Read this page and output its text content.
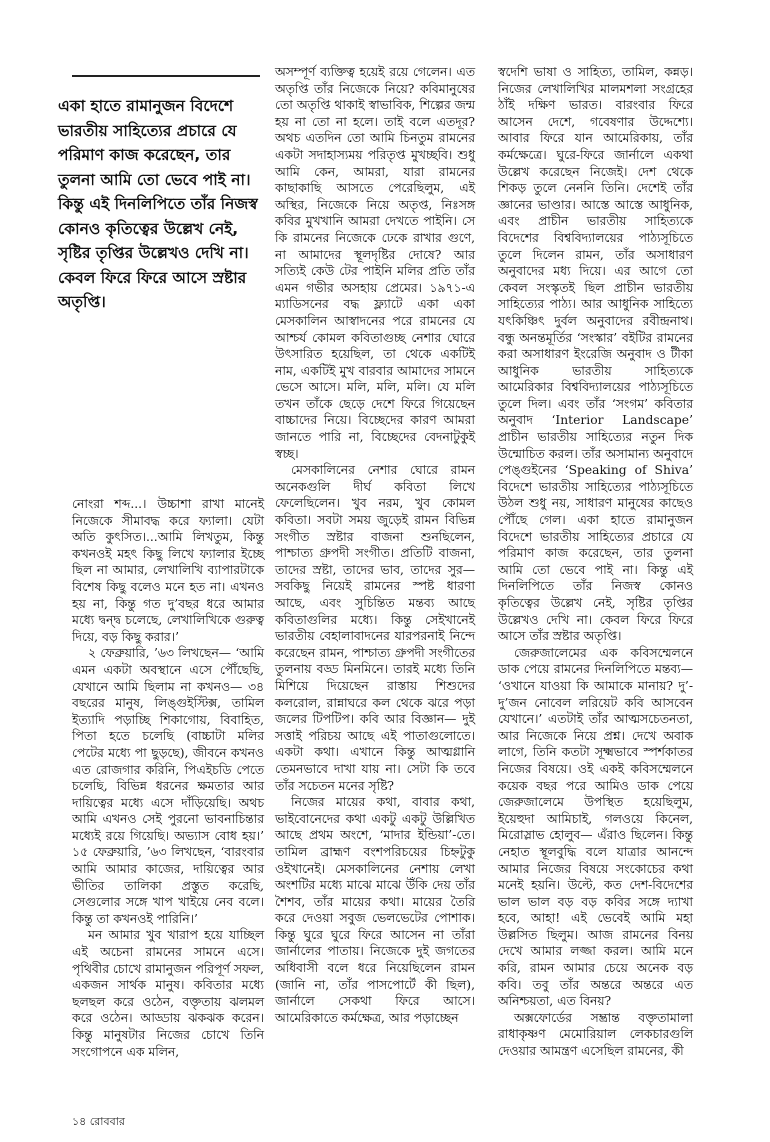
একা হাতে রামানুজন বিদেশে ভারতীয় সাহিত্যের প্রচারে যে পরিমাণ কাজ করেছেন, তার তুলনা আমি তো ভেবে পাই না। কিন্তু এই দিনলিপিতে তাঁর নিজস্ব কোনও কৃতিত্বের উল্লেখ নেই, সৃষ্টির তৃপ্তির উল্লেখও দেখি না। কেবল ফিরে ফিরে আসে স্রষ্টার অতৃপ্তি।

নোংরা শব্দ...। উচ্চাশা রাখা মানেই নিজেকে সীমাবদ্ধ করে ফ্যালা। যেটা অতি কুৎসিত।...আমি লিখতুম, কিন্তু কখনওই মহৎ কিছু লিখে ফ্যালার ইচ্ছে ছিল না আমার, লেখালিখি ব্যাপারটাকে বিশেষ কিছু বলেও মনে হত না। এখনও হয় না, কিন্তু গত দু’বছর ধরে আমার মধ্যে দ্বন্দ্ব চলেছে, লেখালিখিকে গুরুত্ব দিয়ে, বড় কিছু করার।’

২ ফেব্রুয়ারি, ’৬৩ লিখছেন— ‘আমি এমন একটা অবস্থানে এসে পৌঁছেছি, যেখানে আমি ছিলাম না কখনও— ৩৪ বছরের মানুষ, লিঙ্গুইস্টিক্স, তামিল ইত্যাদি পড়াচ্ছি শিকাগোয়, বিবাহিত, পিতা হতে চলেছি (বাচ্চাটা মলির পেটের মধ্যে পা ছুড়ছে), জীবনে কখনও এত রোজগার করিনি, পিএইচডি পেতে চলেছি, বিভিন্ন ধরনের ক্ষমতার আর দায়িত্বের মধ্যে এসে দাঁড়িয়েছি। অথচ আমি এখনও সেই পুরনো ভাবনাচিন্তার মধ্যেই রয়ে গিয়েছি। অভ্যাস বোধ হয়।’ ১৫ ফেব্রুয়ারি, ’৬৩ লিখছেন, ‘বারংবার আমি আমার কাজের, দায়িত্বের আর ভীতির তালিকা প্রস্তুত করেছি, সেগুলোর সঙ্গে খাপ খাইয়ে নেব বলে। কিন্তু তা কখনওই পারিনি।’

মন আমার খুব খারাপ হয়ে যাচ্ছিল এই অচেনা রামনের সামনে এসে। পৃথিবীর চোখে রামানুজন পরিপূর্ণ সফল, একজন সার্থক মানুষ। কবিতার মধ্যে ছলছল করে ওঠেন, বক্তৃতায় ঝলমল করে ওঠেন। আড্ডায় ঝকঝক করেন। কিন্তু মানুষটার নিজের চোখে তিনি সংগোপনে এক মলিন,

অসম্পূর্ণ ব্যক্তিত্ব হয়েই রয়ে গেলেন। এত অতৃপ্তি তাঁর নিজেকে নিয়ে? কবিমানুষের তো অতৃপ্তি থাকাই স্বাভাবিক, শিল্পের জন্ম হয় না তো না হলে। তাই বলে এতদূর? অথচ এতদিন তো আমি চিনতুম রামনের একটা সদাহাস্যময় পরিতৃপ্ত মুখচ্ছবি। শুধু আমি কেন, আমরা, যারা রামনের কাছাকাছি আসতে পেরেছিলুম, এই অস্থির, নিজেকে নিয়ে অতৃপ্ত, নিঃসঙ্গ কবির মুখখানি আমরা দেখতে পাইনি। সে কি রামনের নিজেকে ঢেকে রাখার গুণে, না আমাদের স্থূলদৃষ্টির দোষে? আর সত্যিই কেউ টের পাইনি মলির প্রতি তাঁর এমন গভীর অসহায় প্রেমের। ১৯৭১-এ ম্যাডিসনের বদ্ধ ফ্ল্যাটে একা একা মেসকালিন আস্বাদনের পরে রামনের যে আশ্চর্য কোমল কবিতাগুচ্ছ নেশার ঘোরে উৎসারিত হয়েছিল, তা থেকে একটিই নাম, একটিই মুখ বারবার আমাদের সামনে ভেসে আসে। মলি, মলি, মলি। যে মলি তখন তাঁকে ছেড়ে দেশে ফিরে গিয়েছেন বাচ্চাদের নিয়ে। বিচ্ছেদের কারণ আমরা জানতে পারি না, বিচ্ছেদের বেদনাটুকুই স্বচ্ছ।

মেসকালিনের নেশার ঘোরে রামন অনেকগুলি দীর্ঘ কবিতা লিখে ফেলেছিলেন। খুব নরম, খুব কোমল কবিতা। সবটা সময় জুড়েই রামন বিভিন্ন সংগীত স্রষ্টার বাজনা শুনছিলেন, পাশ্চাত্য গ্রুপদী সংগীত। প্রতিটি বাজনা, তাদের স্রষ্টা, তাদের ভাব, তাদের সুর— সবকিছু নিয়েই রামনের স্পষ্ট ধারণা আছে, এবং সুচিন্তিত মন্তব্য আছে কবিতাগুলির মধ্যে। কিন্তু সেইখানেই ভারতীয় বেহালাবাদনের যারপরনাই নিন্দে করেছেন রামন, পাশ্চাত্য গ্রুপদী সংগীতের তুলনায় বড্ড মিনমিনে। তারই মধ্যে তিনি মিশিয়ে দিয়েছেন রাস্তায় শিশুদের কলরোল, রান্নাঘরে কল থেকে ঝরে পড়া জলের টিপটিপ। কবি আর বিজ্ঞান— দুই সত্তাই পরিচয় আছে এই পাতাগুলোতে। একটা কথা। এখানে কিন্তু আত্মগ্লানি তেমনভাবে দাখা যায় না। সেটা কি তবে তাঁর সচেতন মনের সৃষ্টি?

নিজের মায়ের কথা, বাবার কথা, ভাইবোনেদের কথা একটু একটু উল্লিখিত আছে প্রথম অংশে, ‘মাদার ইন্ডিয়া’-তে। তামিল ব্রাহ্মণ বংশপরিচয়ের চিহ্নটুকু ওইখানেই। মেসকালিনের নেশায় লেখা অংশটির মধ্যে মাঝে মাঝে উঁকি দেয় তাঁর শৈশব, তাঁর মায়ের কথা। মায়ের তৈরি করে দেওয়া সবুজ ভেলভেটের পোশাক। কিন্তু ঘুরে ঘুরে ফিরে আসেন না তাঁরা জার্নালের পাতায়। নিজেকে দুই জগতের অধিবাসী বলে ধরে নিয়েছিলেন রামন (জানি না, তাঁর পাসপোর্টে কী ছিল), জার্নালে সেকথা ফিরে আসে। আমেরিকাতে কর্মক্ষেত্র, আর পড়াচ্ছেন

স্বদেশি ভাষা ও সাহিত্য, তামিল, কন্নড়। নিজের লেখালিখির মালমশলা সংগ্রহের ঠাঁই দক্ষিণ ভারত। বারংবার ফিরে আসেন দেশে, গবেষণার উদ্দেশ্যে। আবার ফিরে যান আমেরিকায়, তাঁর কর্মক্ষেত্রে। ঘুরে-ফিরে জার্নালে একথা উল্লেখ করেছেন নিজেই। দেশ থেকে শিকড় তুলে নেননি তিনি। দেশেই তাঁর জ্ঞানের ভাণ্ডার। আস্তে আস্তে আধুনিক, এবং প্রাচীন ভারতীয় সাহিত্যকে বিদেশের বিশ্ববিদ্যালয়ের পাঠ্যসূচিতে তুলে দিলেন রামন, তাঁর অসাধারণ অনুবাদের মধ্য দিয়ে। এর আগে তো কেবল সংস্কৃতই ছিল প্রাচীন ভারতীয় সাহিত্যের পাঠ্য। আর আধুনিক সাহিত্যে যৎকিঞ্চিৎ দুর্বল অনুবাদের রবীন্দ্রনাথ। বন্ধু অনন্তমূর্তির ‘সংস্কার’ বইটির রামনের করা অসাধারণ ইংরেজি অনুবাদ ও টীকা আধুনিক ভারতীয় সাহিত্যকে আমেরিকার বিশ্ববিদ্যালয়ের পাঠ্যসূচিতে তুলে দিল। এবং তাঁর ‘সংগম’ কবিতার অনুবাদ ‘Interior Landscape’ প্রাচীন ভারতীয় সাহিত্যের নতুন দিক উন্মোচিত করল। তাঁর অসামান্য অনুবাদে পেঙ্গুইনের ‘Speaking of Shiva’ বিদেশে ভারতীয় সাহিত্যের পাঠ্যসূচিতে উঠল শুধু নয়, সাধারণ মানুষের কাছেও পৌঁছে গেল। একা হাতে রামানুজন বিদেশে ভারতীয় সাহিত্যের প্রচারে যে পরিমাণ কাজ করেছেন, তার তুলনা আমি তো ভেবে পাই না। কিন্তু এই দিনলিপিতে তাঁর নিজস্ব কোনও কৃতিত্বের উল্লেখ নেই, সৃষ্টির তৃপ্তির উল্লেখও দেখি না। কেবল ফিরে ফিরে আসে তাঁর স্রষ্টার অতৃপ্তি।

জেরুজালেমের এক কবিসম্মেলনে ডাক পেয়ে রামনের দিনলিপিতে মন্তব্য— ‘ওখানে যাওয়া কি আমাকে মানায়? দু’-দু’জন নোবেল লরিয়েট কবি আসবেন যেখানে।’ এতটাই তাঁর আত্মসচেতনতা, আর নিজেকে নিয়ে প্রশ্ন। দেখে অবাক লাগে, তিনি কতটা সূক্ষ্মভাবে স্পর্শকাতর নিজের বিষয়ে। ওই একই কবিসম্মেলনে কয়েক বছর পরে আমিও ডাক পেয়ে জেরুজালেমে উপস্থিত হয়েছিলুম, ইয়েহুদা আমিচাই, গলওয়ে কিনেল, মিরোস্লাভ হোলুব— এঁরাও ছিলেন। কিন্তু নেহাত স্থূলবুদ্ধি বলে যাত্রার আনন্দে আমার নিজের বিষয়ে সংকোচের কথা মনেই হয়নি। উল্টে, কত দেশ-বিদেশের ভাল ভাল বড় বড় কবির সঙ্গে দ্যাখা হবে, আহা! এই ভেবেই আমি মহা উল্লসিত ছিলুম। আজ রামনের বিনয় দেখে আমার লজ্জা করল। আমি মনে করি, রামন আমার চেয়ে অনেক বড় কবি। তবু তাঁর অন্তরে অন্তরে এত অনিশ্চয়তা, এত বিনয়?

অক্সফোর্ডের সম্ভ্রান্ত বক্তৃতামালা রাধাকৃষ্ণণ মেমোরিয়াল লেকচারগুলি দেওয়ার আমন্ত্রণ এসেছিল রামনের, কী

১৪ রোববার
